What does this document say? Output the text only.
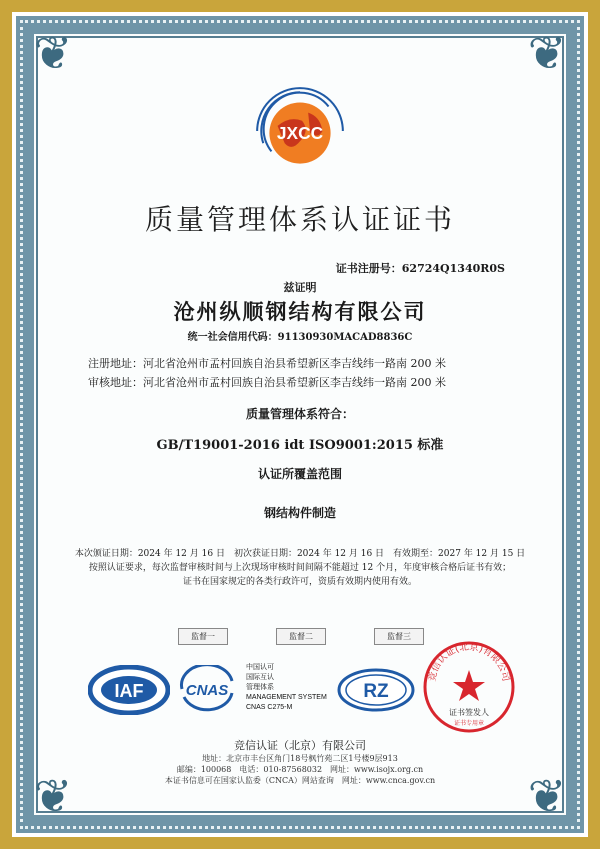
❦	❦
❦	❦
JXCC
质量管理体系认证证书
证书注册号：62724Q1340R0S
兹证明
沧州纵顺钢结构有限公司
统一社会信用代码：91130930MACAD8836C
注册地址：河北省沧州市孟村回族自治县希望新区李吉线纬一路南 200 米
审核地址：河北省沧州市孟村回族自治县希望新区李吉线纬一路南 200 米
质量管理体系符合：
GB/T19001-2016 idt ISO9001:2015 标准
认证所覆盖范围
钢结构件制造
本次颁证日期：2024 年 12 月 16 日　初次获证日期：2024 年 12 月 16 日　有效期至：2027 年 12 月 15 日
按照认证要求，每次监督审核时间与上次现场审核时间间隔不能超过 12 个月，年度审核合格后证书有效；
证书在国家规定的各类行政许可，资质有效期内使用有效。
监督一	监督二	监督三
IAF	CNAS
中国认可
国际互认
管理体系
MANAGEMENT SYSTEM
CNAS C275-M
RZ
竞信认证(北京)有限公司
证书签发人
证书专用章
竞信认证（北京）有限公司
地址：北京市丰台区角门18号枫竹苑二区1号楼9层913
邮编：100068　电话：010-87568032　网址：www.isojx.org.cn
本证书信息可在国家认监委（CNCA）网站查询　网址：www.cnca.gov.cn
